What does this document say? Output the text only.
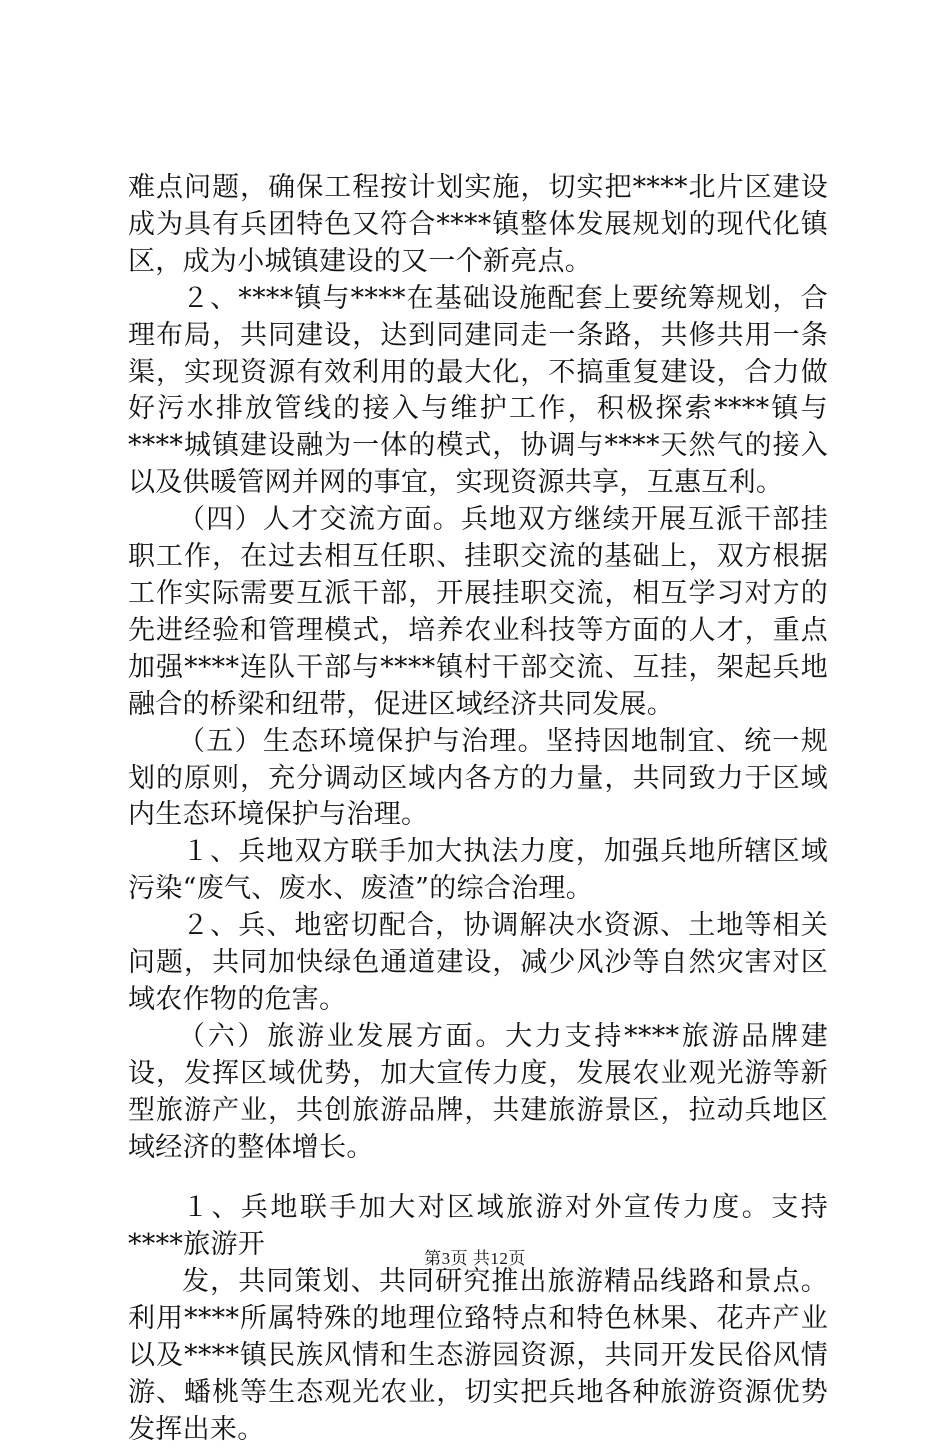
难点问题，确保工程按计划实施，切实把****北片区建设成为具有兵团特色又符合****镇整体发展规划的现代化镇区，成为小城镇建设的又一个新亮点。

２、****镇与****在基础设施配套上要统筹规划，合理布局，共同建设，达到同建同走一条路，共修共用一条渠，实现资源有效利用的最大化，不搞重复建设，合力做好污水排放管线的接入与维护工作，积极探索****镇与****城镇建设融为一体的模式，协调与****天然气的接入以及供暖管网并网的事宜，实现资源共享，互惠互利。

（四）人才交流方面。兵地双方继续开展互派干部挂职工作，在过去相互任职、挂职交流的基础上，双方根据工作实际需要互派干部，开展挂职交流，相互学习对方的先进经验和管理模式，培养农业科技等方面的人才，重点加强****连队干部与****镇村干部交流、互挂，架起兵地融合的桥梁和纽带，促进区域经济共同发展。

（五）生态环境保护与治理。坚持因地制宜、统一规划的原则，充分调动区域内各方的力量，共同致力于区域内生态环境保护与治理。

１、兵地双方联手加大执法力度，加强兵地所辖区域污染“废气、废水、废渣”的综合治理。

２、兵、地密切配合，协调解决水资源、土地等相关问题，共同加快绿色通道建设，减少风沙等自然灾害对区域农作物的危害。

（六）旅游业发展方面。大力支持****旅游品牌建设，发挥区域优势，加大宣传力度，发展农业观光游等新型旅游产业，共创旅游品牌，共建旅游景区，拉动兵地区域经济的整体增长。

１、兵地联手加大对区域旅游对外宣传力度。支持****旅游开

发，共同策划、共同研究推出旅游精品线路和景点。利用****所属特殊的地理位臵特点和特色林果、花卉产业以及****镇民族风情和生态游园资源，共同开发民俗风情游、蟠桃等生态观光农业，切实把兵地各种旅游资源优势发挥出来。

第3页 共12页
